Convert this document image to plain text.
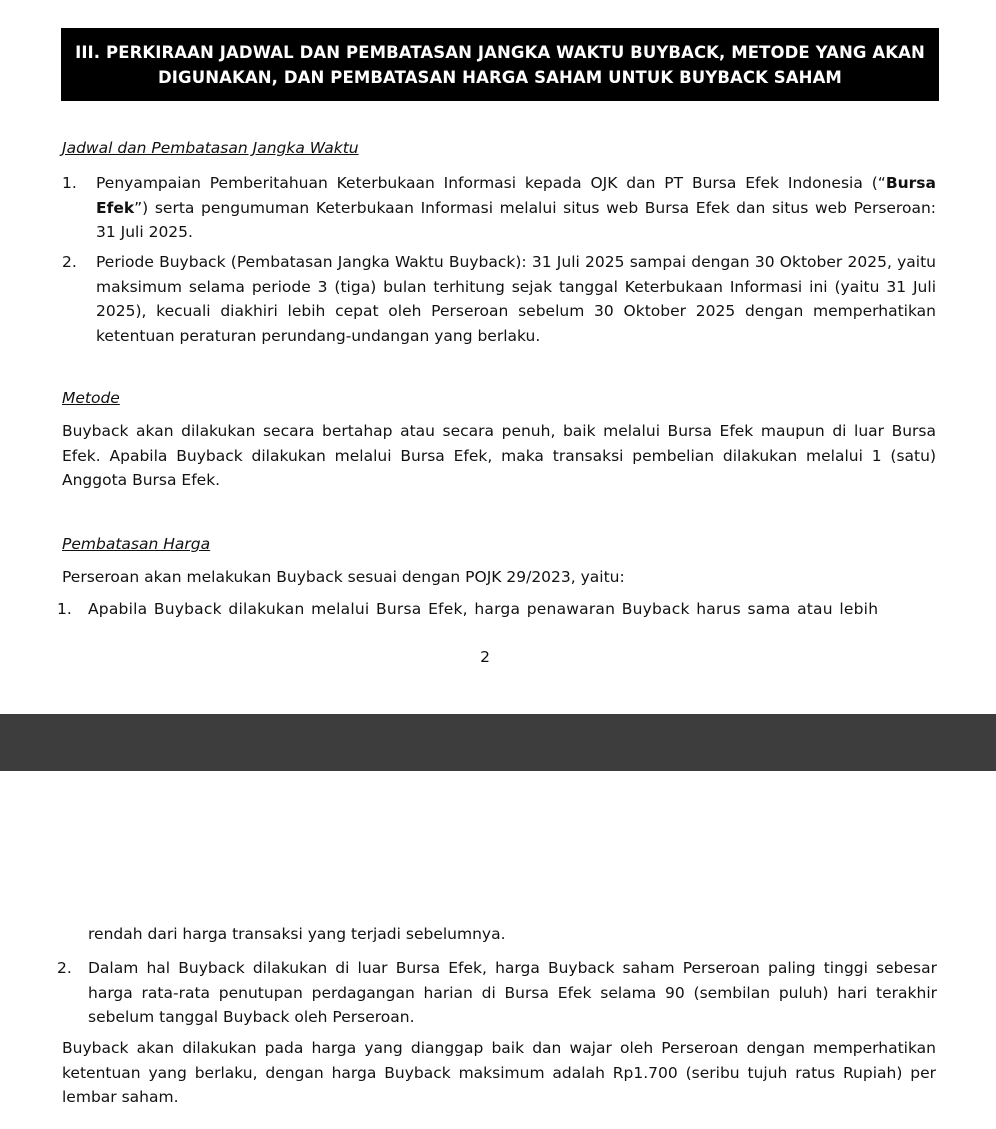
III. PERKIRAAN JADWAL DAN PEMBATASAN JANGKA WAKTU BUYBACK, METODE YANG AKAN
DIGUNAKAN, DAN PEMBATASAN HARGA SAHAM UNTUK BUYBACK SAHAM
Jadwal dan Pembatasan Jangka Waktu
1. Penyampaian Pemberitahuan Keterbukaan Informasi kepada OJK dan PT Bursa Efek Indonesia (“Bursa Efek”) serta pengumuman Keterbukaan Informasi melalui situs web Bursa Efek dan situs web Perseroan: 31 Juli 2025.
2. Periode Buyback (Pembatasan Jangka Waktu Buyback): 31 Juli 2025 sampai dengan 30 Oktober 2025, yaitu maksimum selama periode 3 (tiga) bulan terhitung sejak tanggal Keterbukaan Informasi ini (yaitu 31 Juli 2025), kecuali diakhiri lebih cepat oleh Perseroan sebelum 30 Oktober 2025 dengan memperhatikan ketentuan peraturan perundang-undangan yang berlaku.
Metode
Buyback akan dilakukan secara bertahap atau secara penuh, baik melalui Bursa Efek maupun di luar Bursa Efek. Apabila Buyback dilakukan melalui Bursa Efek, maka transaksi pembelian dilakukan melalui 1 (satu) Anggota Bursa Efek.
Pembatasan Harga
Perseroan akan melakukan Buyback sesuai dengan POJK 29/2023, yaitu:
1. Apabila Buyback dilakukan melalui Bursa Efek, harga penawaran Buyback harus sama atau lebih
2
rendah dari harga transaksi yang terjadi sebelumnya.
2. Dalam hal Buyback dilakukan di luar Bursa Efek, harga Buyback saham Perseroan paling tinggi sebesar harga rata-rata penutupan perdagangan harian di Bursa Efek selama 90 (sembilan puluh) hari terakhir sebelum tanggal Buyback oleh Perseroan.
Buyback akan dilakukan pada harga yang dianggap baik dan wajar oleh Perseroan dengan memperhatikan ketentuan yang berlaku, dengan harga Buyback maksimum adalah Rp1.700 (seribu tujuh ratus Rupiah) per lembar saham.
